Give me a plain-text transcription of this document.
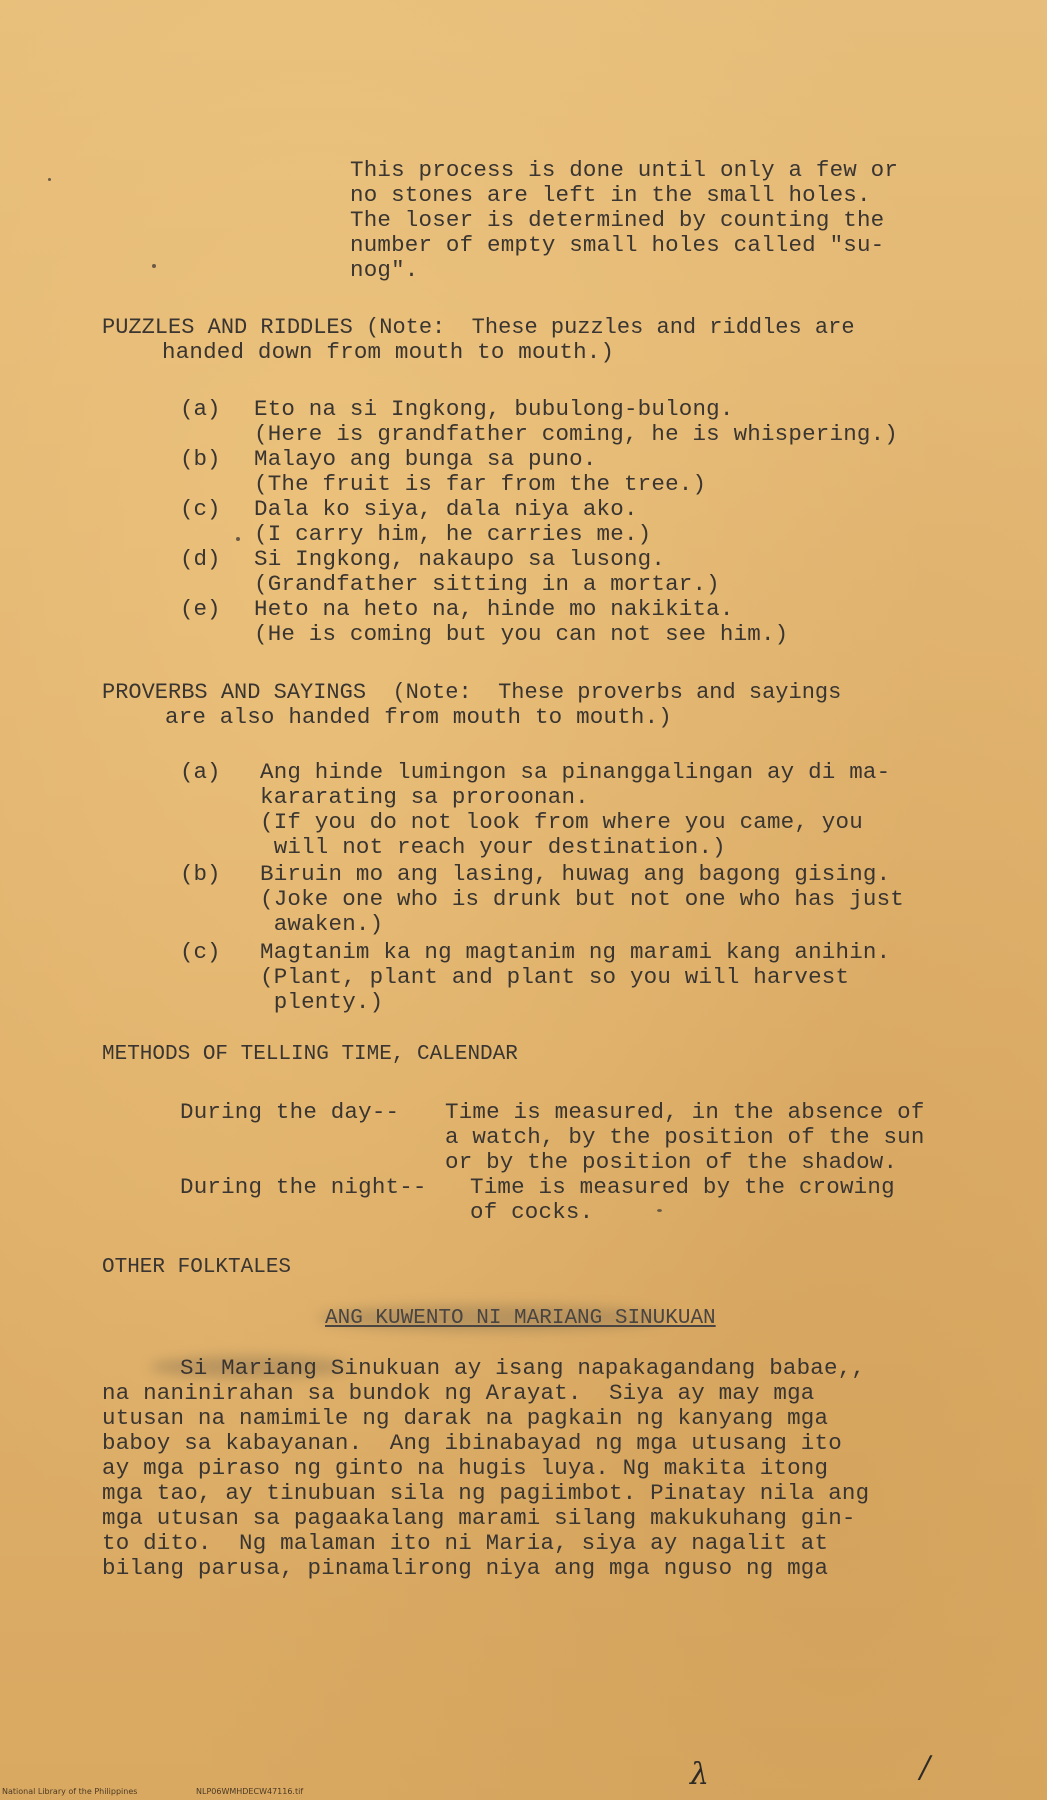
This process is done until only a few or

no stones are left in the small holes.

The loser is determined by counting the

number of empty small holes called "su-

nog".

PUZZLES AND RIDDLES (Note:  These puzzles and riddles are

handed down from mouth to mouth.)

(a) Eto na si Ingkong, bubulong-bulong.

(Here is grandfather coming, he is whispering.)

(b) Malayo ang bunga sa puno.

(The fruit is far from the tree.)

(c) Dala ko siya, dala niya ako.

(I carry him, he carries me.)

(d) Si Ingkong, nakaupo sa lusong.

(Grandfather sitting in a mortar.)

(e) Heto na heto na, hinde mo nakikita.

(He is coming but you can not see him.)

PROVERBS AND SAYINGS  (Note:  These proverbs and sayings

are also handed from mouth to mouth.)

(a) Ang hinde lumingon sa pinanggalingan ay di ma-

kararating sa proroonan.

(If you do not look from where you came, you

will not reach your destination.)

(b) Biruin mo ang lasing, huwag ang bagong gising.

(Joke one who is drunk but not one who has just

awaken.)

(c) Magtanim ka ng magtanim ng marami kang anihin.

(Plant, plant and plant so you will harvest

plenty.)

METHODS OF TELLING TIME, CALENDAR

During the day-- Time is measured, in the absence of

a watch, by the position of the sun

or by the position of the shadow.

During the night-- Time is measured by the crowing

of cocks.

OTHER FOLKTALES

ANG KUWENTO NI MARIANG SINUKUAN

Si Mariang Sinukuan ay isang napakagandang babae,,

na naninirahan sa bundok ng Arayat.  Siya ay may mga

utusan na namimile ng darak na pagkain ng kanyang mga

baboy sa kabayanan.  Ang ibinabayad ng mga utusang ito

ay mga piraso ng ginto na hugis luya. Ng makita itong

mga tao, ay tinubuan sila ng pagiimbot. Pinatay nila ang

mga utusan sa pagaakalang marami silang makukuhang gin-

to dito.  Ng malaman ito ni Maria, siya ay nagalit at

bilang parusa, pinamalirong niya ang mga nguso ng mga

λ	/
National Library of the Philippines	NLP06WMHDECW47116.tif
